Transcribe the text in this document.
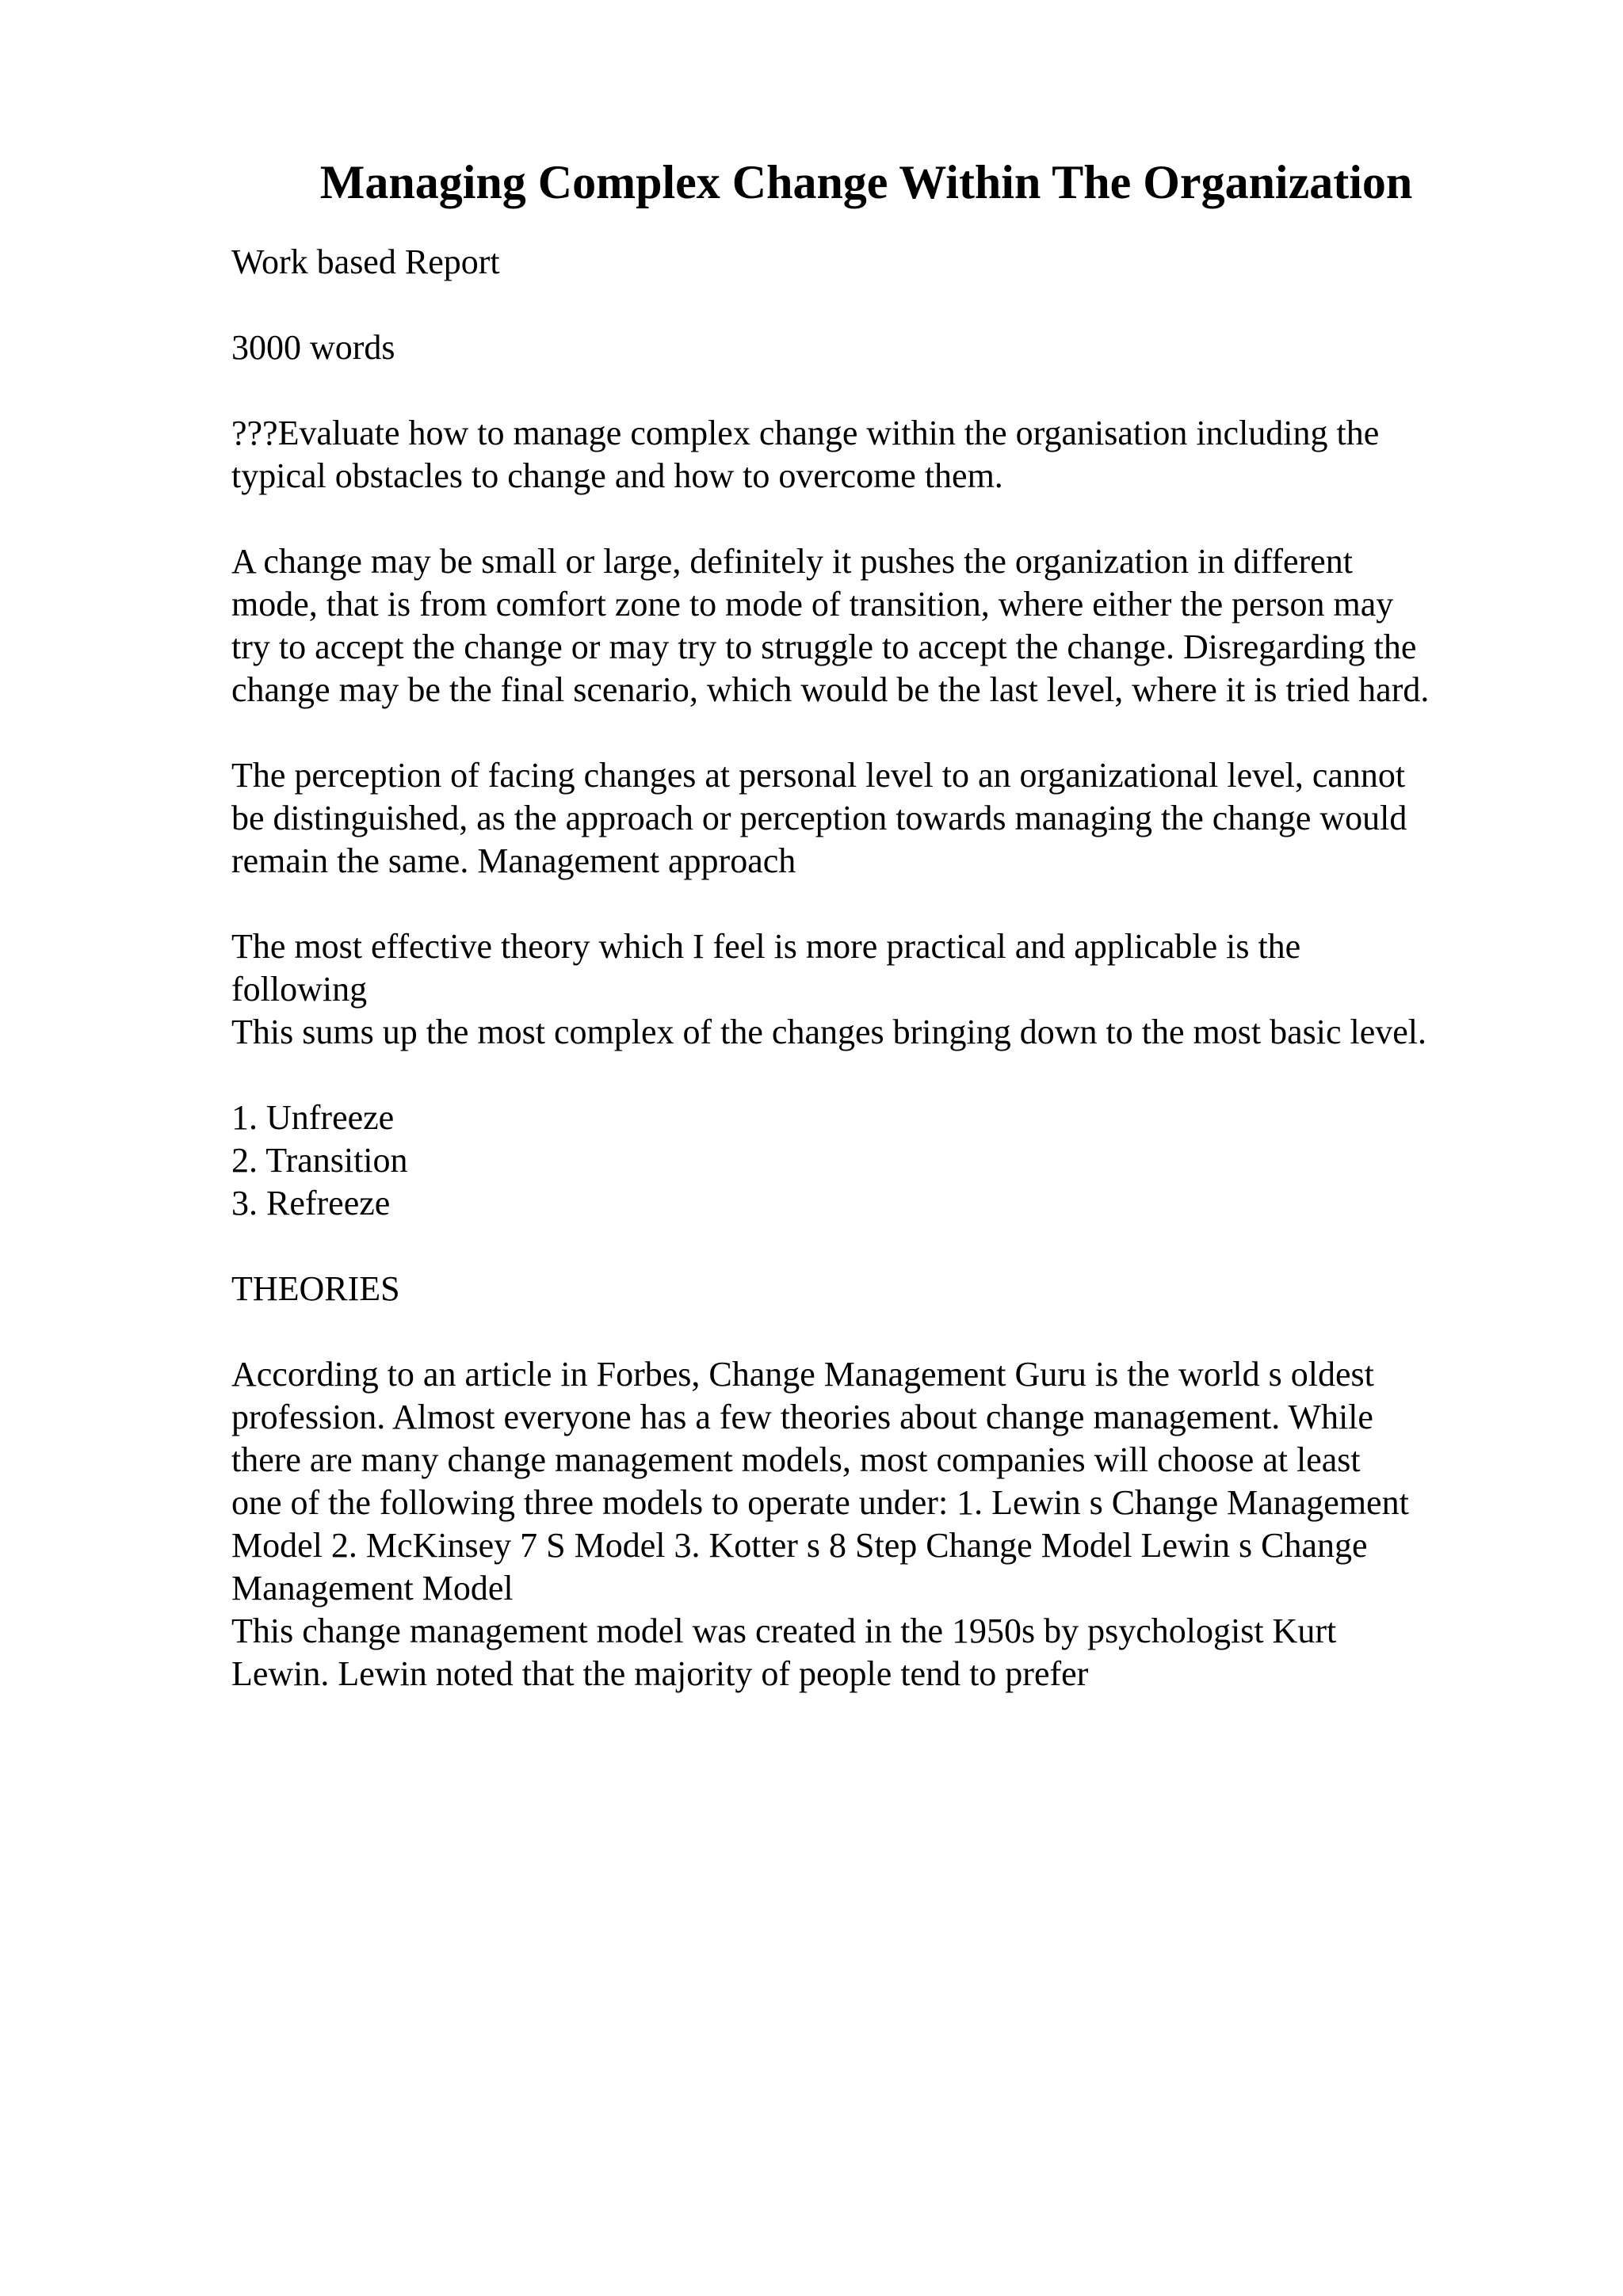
Managing Complex Change Within The Organization

Work based Report

3000 words

???Evaluate how to manage complex change within the organisation including the
typical obstacles to change and how to overcome them.

A change may be small or large, definitely it pushes the organization in different
mode, that is from comfort zone to mode of transition, where either the person may
try to accept the change or may try to struggle to accept the change. Disregarding the
change may be the final scenario, which would be the last level, where it is tried hard.

The perception of facing changes at personal level to an organizational level, cannot
be distinguished, as the approach or perception towards managing the change would
remain the same. Management approach

The most effective theory which I feel is more practical and applicable is the
following
This sums up the most complex of the changes bringing down to the most basic level.

1. Unfreeze
2. Transition
3. Refreeze

THEORIES

According to an article in Forbes, Change Management Guru is the world s oldest
profession. Almost everyone has a few theories about change management. While
there are many change management models, most companies will choose at least
one of the following three models to operate under: 1. Lewin s Change Management
Model 2. McKinsey 7 S Model 3. Kotter s 8 Step Change Model Lewin s Change
Management Model
This change management model was created in the 1950s by psychologist Kurt
Lewin. Lewin noted that the majority of people tend to prefer
